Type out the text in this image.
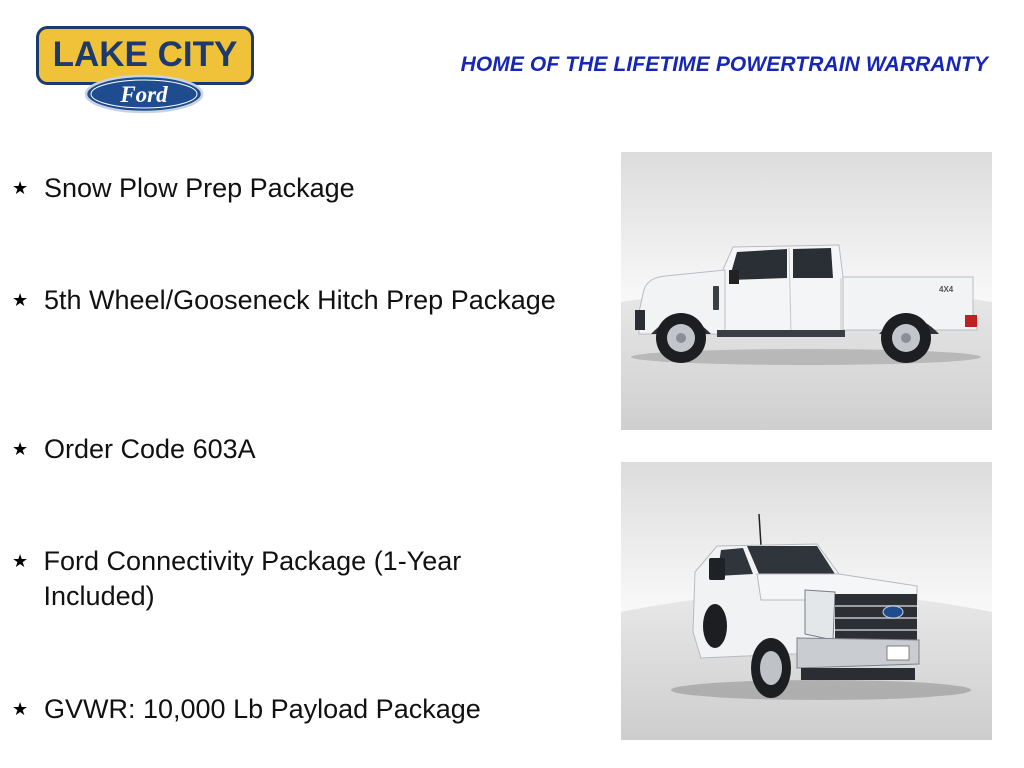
LAKE CITY
Ford
HOME OF THE LIFETIME POWERTRAIN WARRANTY
★ Snow Plow Prep Package
★ 5th Wheel/Gooseneck Hitch Prep Package
★ Order Code 603A
★ Ford Connectivity Package (1-Year Included)
★ GVWR: 10,000 Lb Payload Package
4X4
